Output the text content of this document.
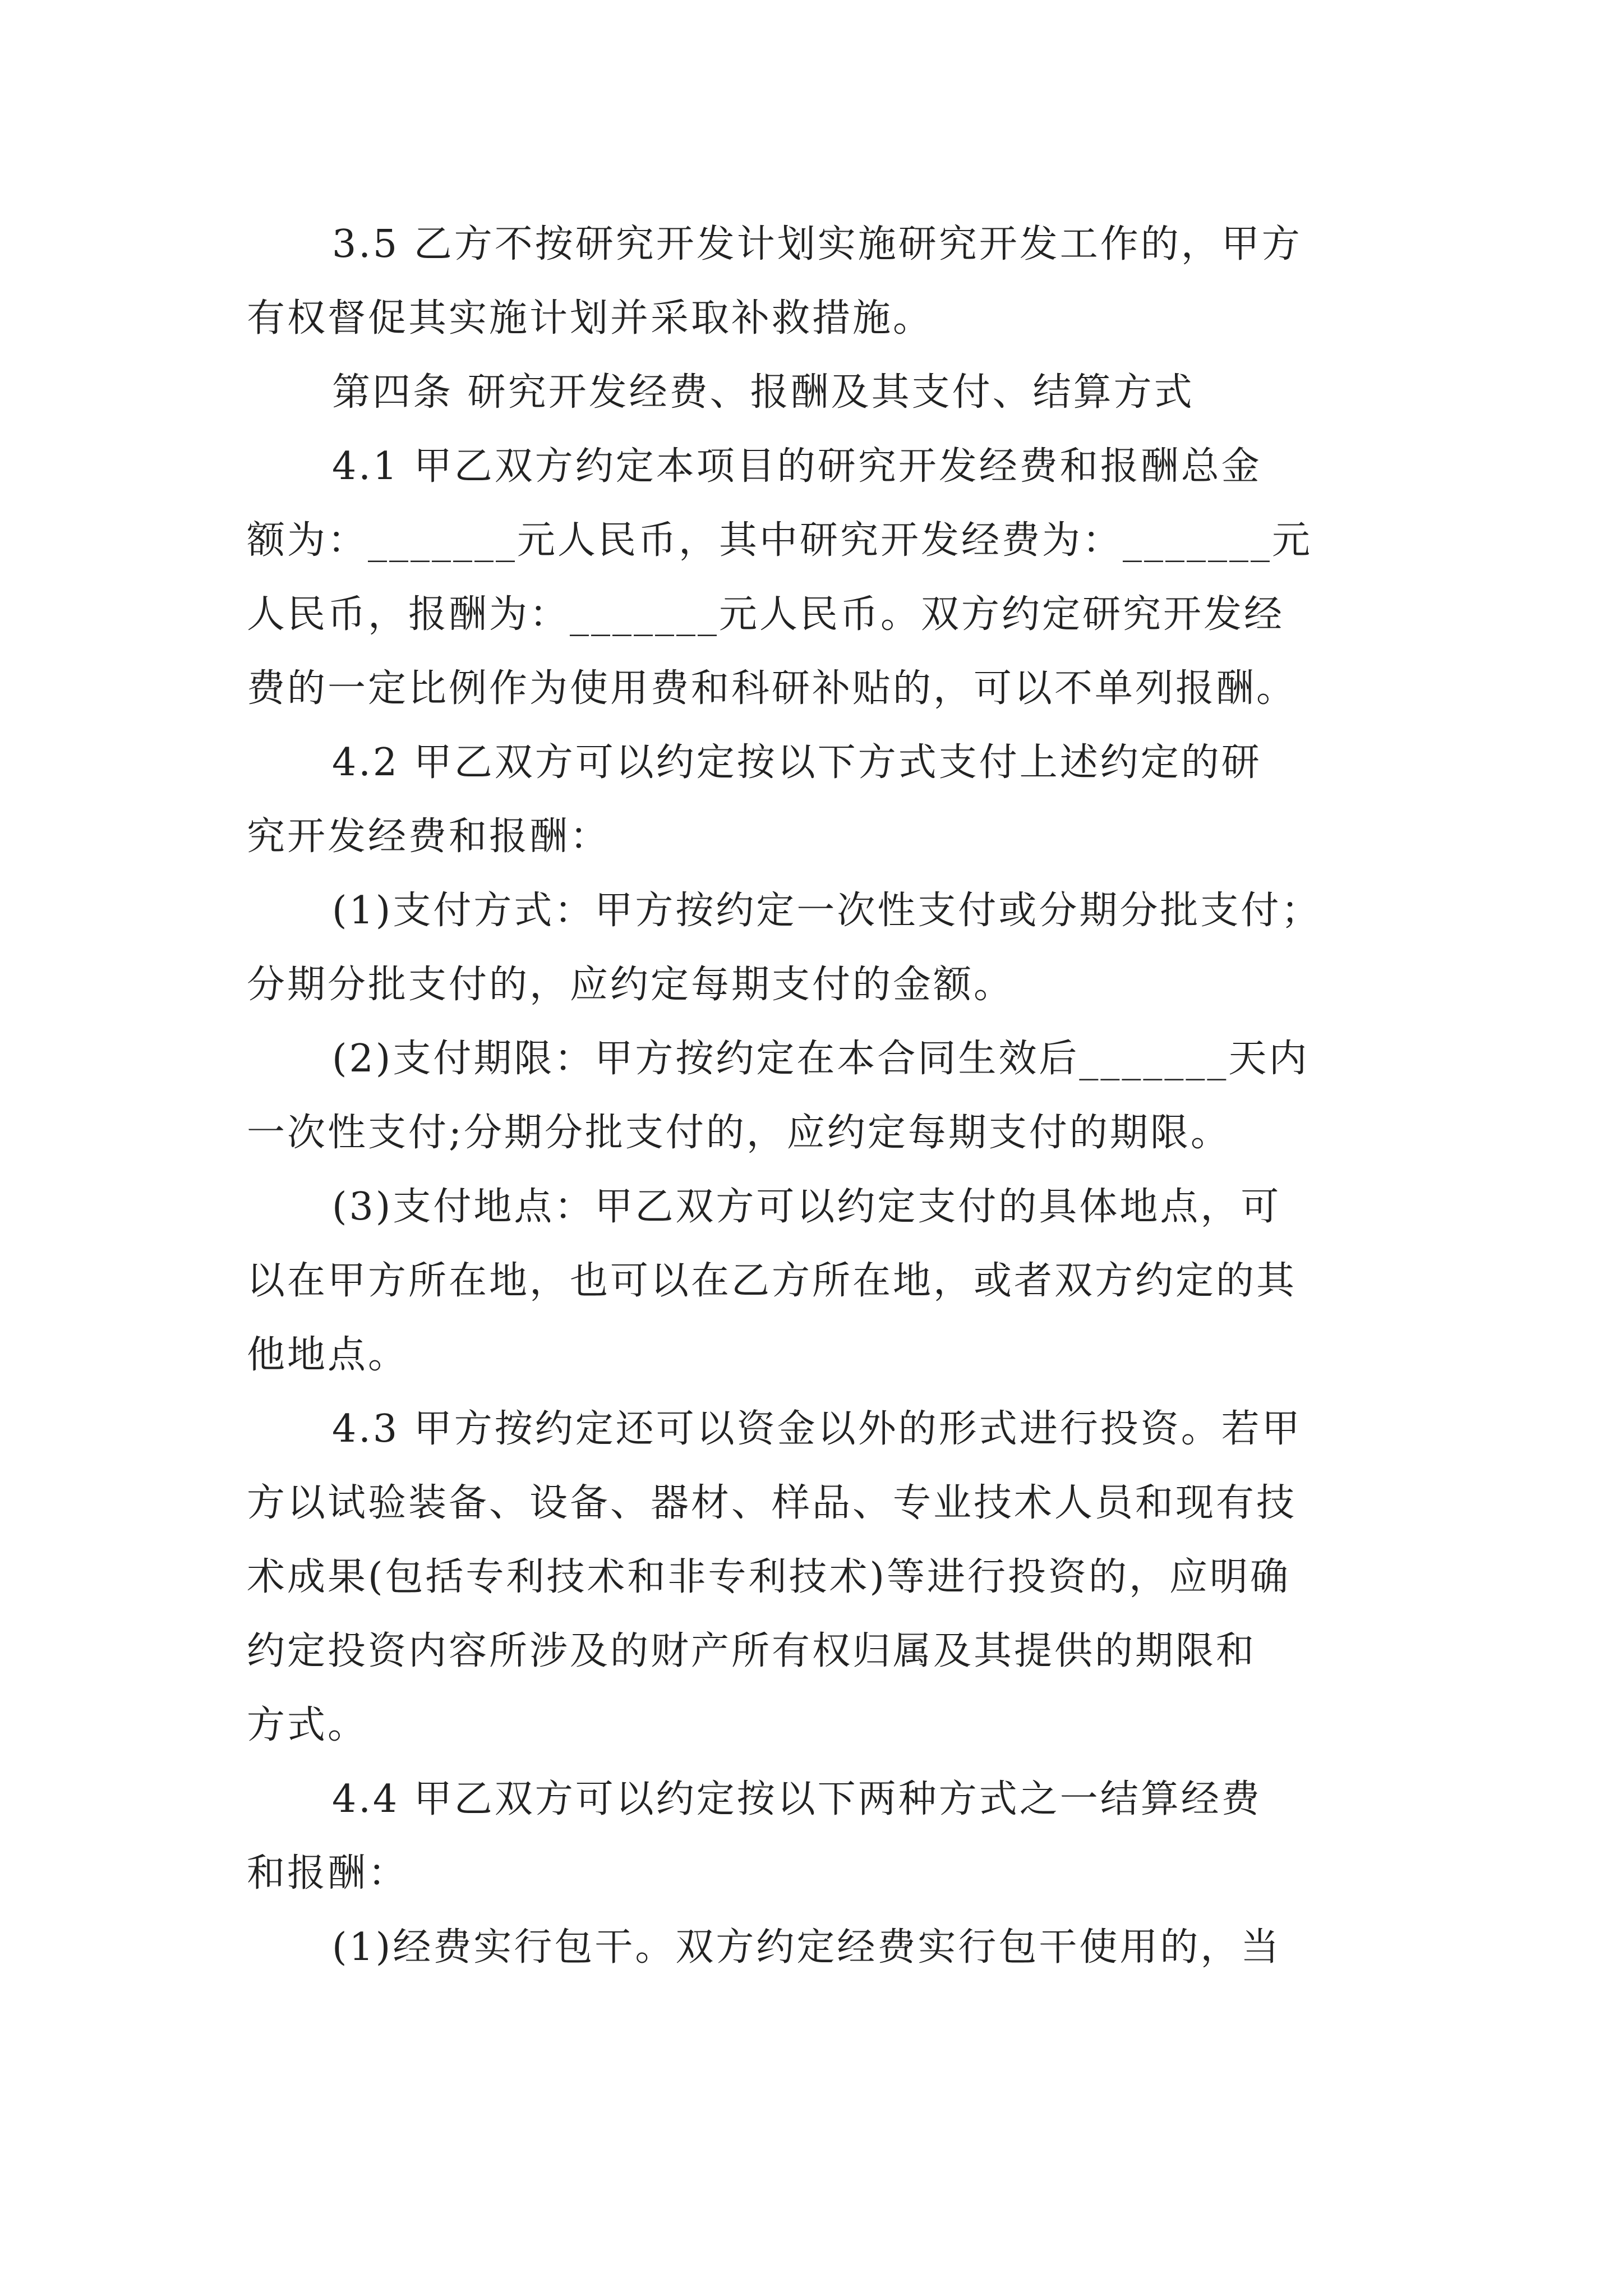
3.5 乙方不按研究开发计划实施研究开发工作的，甲方
有权督促其实施计划并采取补救措施。
第四条 研究开发经费、报酬及其支付、结算方式
4.1 甲乙双方约定本项目的研究开发经费和报酬总金
额为：_______元人民币，其中研究开发经费为：_______元
人民币，报酬为：_______元人民币。双方约定研究开发经
费的一定比例作为使用费和科研补贴的，可以不单列报酬。
4.2 甲乙双方可以约定按以下方式支付上述约定的研
究开发经费和报酬：
(1)支付方式：甲方按约定一次性支付或分期分批支付；
分期分批支付的，应约定每期支付的金额。
(2)支付期限：甲方按约定在本合同生效后_______天内
一次性支付;分期分批支付的，应约定每期支付的期限。
(3)支付地点：甲乙双方可以约定支付的具体地点，可
以在甲方所在地，也可以在乙方所在地，或者双方约定的其
他地点。
4.3 甲方按约定还可以资金以外的形式进行投资。若甲
方以试验装备、设备、器材、样品、专业技术人员和现有技
术成果(包括专利技术和非专利技术)等进行投资的，应明确
约定投资内容所涉及的财产所有权归属及其提供的期限和
方式。
4.4 甲乙双方可以约定按以下两种方式之一结算经费
和报酬：
(1)经费实行包干。双方约定经费实行包干使用的，当
